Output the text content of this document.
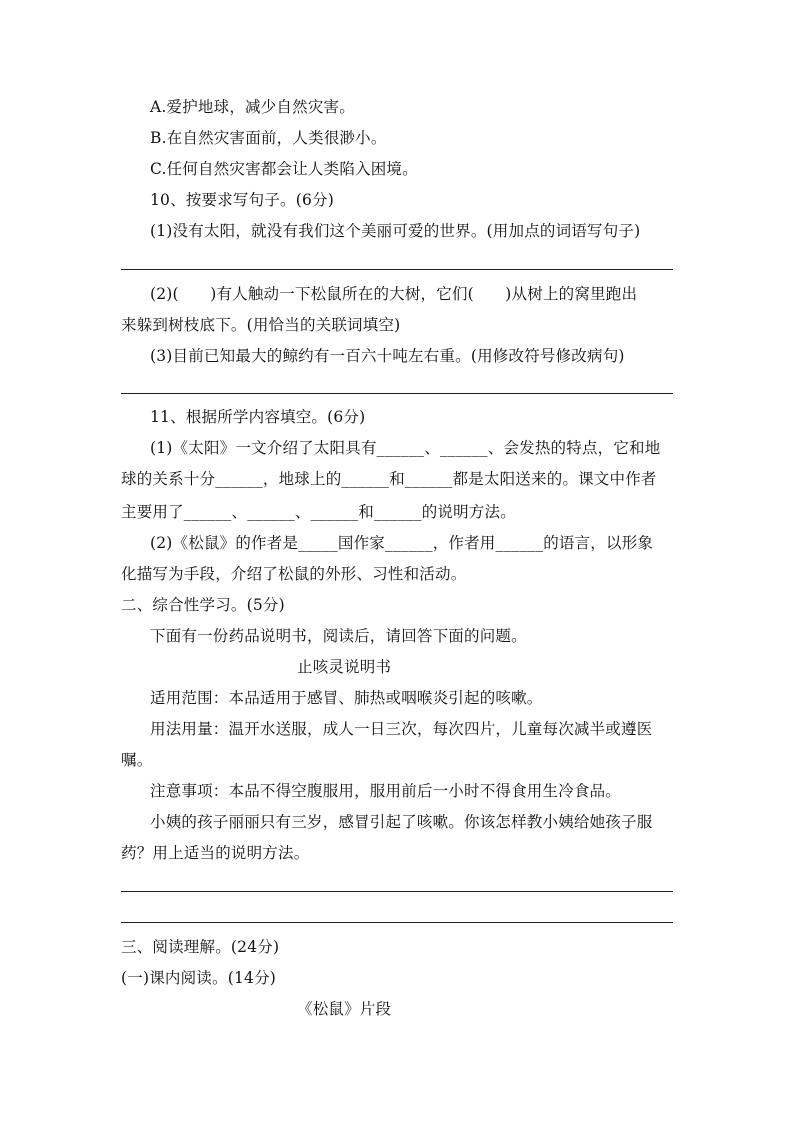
A.爱护地球，减少自然灾害。
B.在自然灾害面前，人类很渺小。
C.任何自然灾害都会让人类陷入困境。
10、按要求写句子。(6分)
(1)没有太阳，就没有我们这个美丽可爱的世界。(用加点的词语写句子)
(2)(　　)有人触动一下松鼠所在的大树，它们(　　)从树上的窝里跑出
来躲到树枝底下。(用恰当的关联词填空)
(3)目前已知最大的鲸约有一百六十吨左右重。(用修改符号修改病句)
11、根据所学内容填空。(6分)
(1)《太阳》一文介绍了太阳具有______、______、会发热的特点，它和地
球的关系十分______，地球上的______和______都是太阳送来的。课文中作者
主要用了______、______、______和______的说明方法。
(2)《松鼠》的作者是_____国作家______，作者用______的语言，以形象
化描写为手段，介绍了松鼠的外形、习性和活动。
二、综合性学习。(5分)
下面有一份药品说明书，阅读后，请回答下面的问题。
止咳灵说明书
适用范围：本品适用于感冒、肺热或咽喉炎引起的咳嗽。
用法用量：温开水送服，成人一日三次，每次四片，儿童每次减半或遵医
嘱。
注意事项：本品不得空腹服用，服用前后一小时不得食用生冷食品。
小姨的孩子丽丽只有三岁，感冒引起了咳嗽。你该怎样教小姨给她孩子服
药？用上适当的说明方法。
三、阅读理解。(24分)
(一)课内阅读。(14分)
《松鼠》片段
